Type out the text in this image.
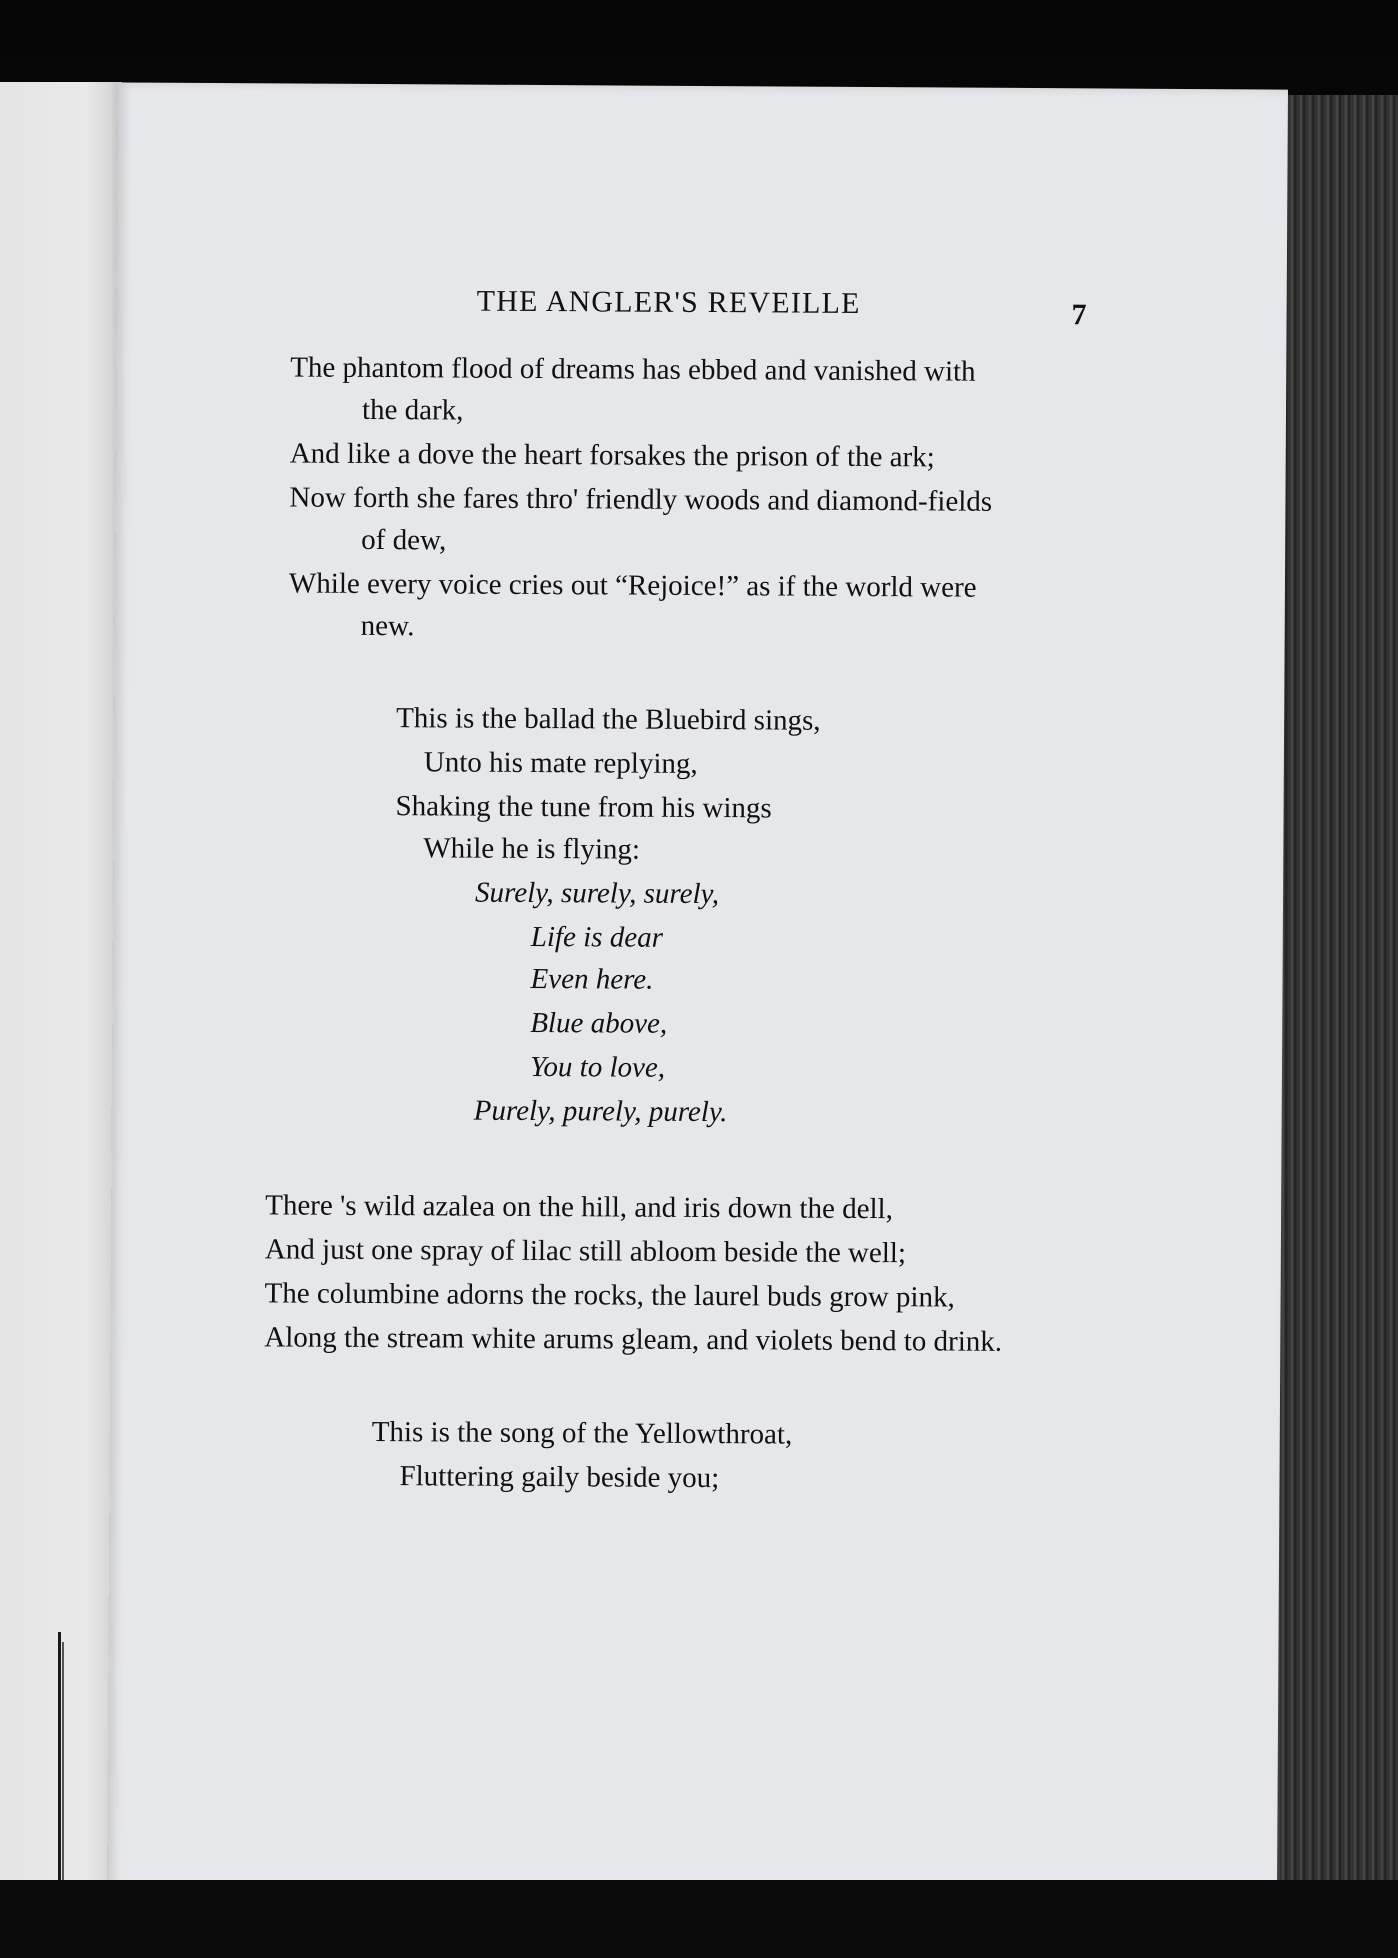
THE ANGLER'S REVEILLE	7
The phantom flood of dreams has ebbed and vanished with
the dark,
And like a dove the heart forsakes the prison of the ark;
Now forth she fares thro' friendly woods and diamond-fields
of dew,
While every voice cries out “Rejoice!” as if the world were
new.
This is the ballad the Bluebird sings,
Unto his mate replying,
Shaking the tune from his wings
While he is flying:
Surely, surely, surely,
Life is dear
Even here.
Blue above,
You to love,
Purely, purely, purely.
There 's wild azalea on the hill, and iris down the dell,
And just one spray of lilac still abloom beside the well;
The columbine adorns the rocks, the laurel buds grow pink,
Along the stream white arums gleam, and violets bend to drink.
This is the song of the Yellowthroat,
Fluttering gaily beside you;
